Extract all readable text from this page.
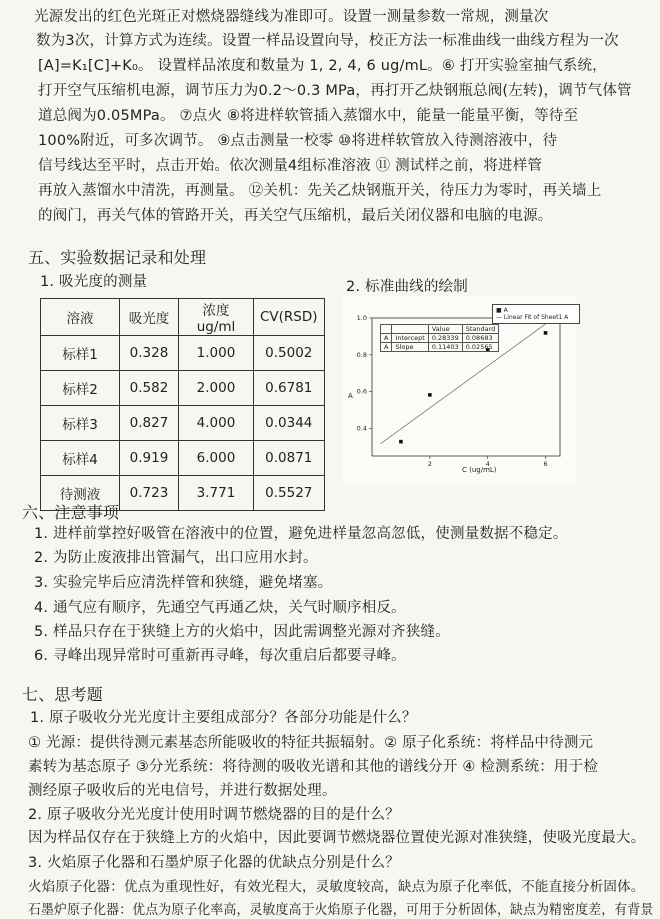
光源发出的红色光斑正对燃烧器缝线为准即可。设置一测量参数一常规，测量次
数为3次，计算方式为连续。设置一样品设置向导，校正方法一标准曲线一曲线方程为一次
[A]=K₁[C]+K₀。 设置样品浓度和数量为 1, 2, 4, 6 ug/mL。⑥ 打开实验室抽气系统，
打开空气压缩机电源，调节压力为0.2～0.3 MPa，再打开乙炔钢瓶总阀(左转)，调节气体管
道总阀为0.05MPa。 ⑦点火 ⑧将进样软管插入蒸馏水中，能量一能量平衡，等待至
100%附近，可多次调节。 ⑨点击测量一校零 ⑩将进样软管放入待测溶液中，待
信号线达至平时，点击开始。依次测量4组标准溶液 ⑪ 测试样之前，将进样管
再放入蒸馏水中清洗，再测量。 ⑫关机：先关乙炔钢瓶开关，待压力为零时，再关墙上
的阀门，再关气体的管路开关，再关空气压缩机，最后关闭仪器和电脑的电源。
五、实验数据记录和处理
1. 吸光度的测量	2. 标准曲线的绘制
溶液	吸光度	浓度ug/ml	CV(RSD)
标样1	0.328	1.000	0.5002
标样2	0.582	2.000	0.6781
标样3	0.827	4.000	0.0344
标样4	0.919	6.000	0.0871
待测液	0.723	3.771	0.5527
2	4	6
1.0
0.8
0.6
0.4
		Value	Standard
A	Intercept	0.28339	0.08683
A	Slope	0.11403	0.02565
■ A
— Linear Fit of Sheet1 A
C (ug/mL)
A
六、注意事项
1. 进样前掌控好吸管在溶液中的位置，避免进样量忽高忽低，使测量数据不稳定。
2. 为防止废液排出管漏气，出口应用水封。
3. 实验完毕后应清洗样管和狭缝，避免堵塞。
4. 通气应有顺序，先通空气再通乙炔，关气时顺序相反。
5. 样品只存在于狭缝上方的火焰中，因此需调整光源对齐狭缝。
6. 寻峰出现异常时可重新再寻峰，每次重启后都要寻峰。
七、思考题
1. 原子吸收分光光度计主要组成部分？各部分功能是什么？
① 光源：提供待测元素基态所能吸收的特征共振辐射。② 原子化系统：将样品中待测元
素转为基态原子 ③分光系统：将待测的吸收光谱和其他的谱线分开 ④ 检测系统：用于检
测经原子吸收后的光电信号，并进行数据处理。
2. 原子吸收分光光度计使用时调节燃烧器的目的是什么？
因为样品仅存在于狭缝上方的火焰中，因此要调节燃烧器位置使光源对准狭缝，使吸光度最大。
3. 火焰原子化器和石墨炉原子化器的优缺点分别是什么？
火焰原子化器：优点为重现性好，有效光程大，灵敏度较高，缺点为原子化率低，不能直接分析固体。
石墨炉原子化器：优点为原子化率高，灵敏度高于火焰原子化器，可用于分析固体，缺点为精密度差，有背景
